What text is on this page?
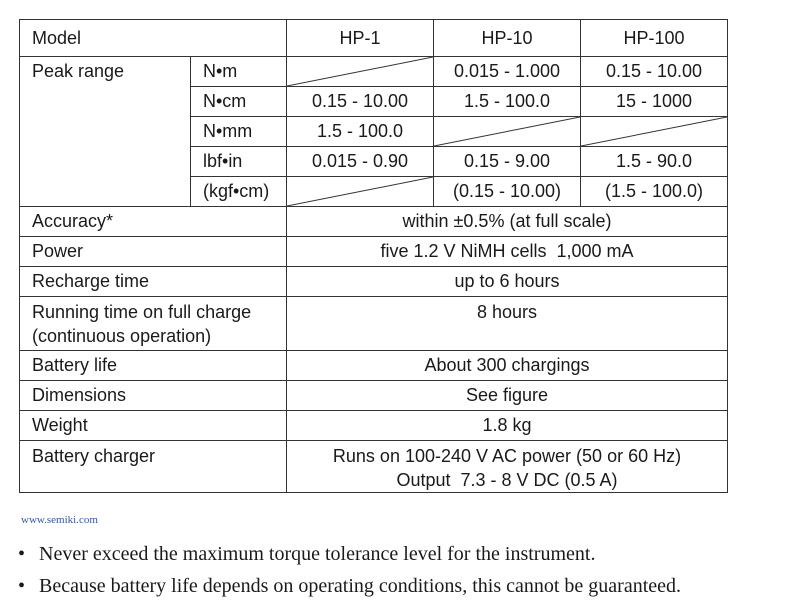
Model		HP-1	HP-10	HP-100
Peak range	N•m		0.015 - 1.000	0.15 - 10.00
	N•cm	0.15 - 10.00	1.5 - 100.0	15 - 1000
	N•mm	1.5 - 100.0	

	lbf•in	0.015 - 0.90	0.15 - 9.00	1.5 - 90.0
	(kgf•cm)		(0.15 - 10.00)	(1.5 - 100.0)
Accuracy*		within ±0.5% (at full scale)		
Power		five 1.2 V NiMH cells  1,000 mA		
Recharge time		up to 6 hours		

Running time on full charge
(continuous operation)		8 hours		
Battery life		About 300 chargings		
Dimensions		See figure		
Weight		1.8 kg		
Battery charger		Runs on 100-240 V AC power (50 or 60 Hz)
Output  7.3 - 8 V DC (0.5 A)		
www.semiki.com
• Never exceed the maximum torque tolerance level for the instrument.
• Because battery life depends on operating conditions, this cannot be guaranteed.
